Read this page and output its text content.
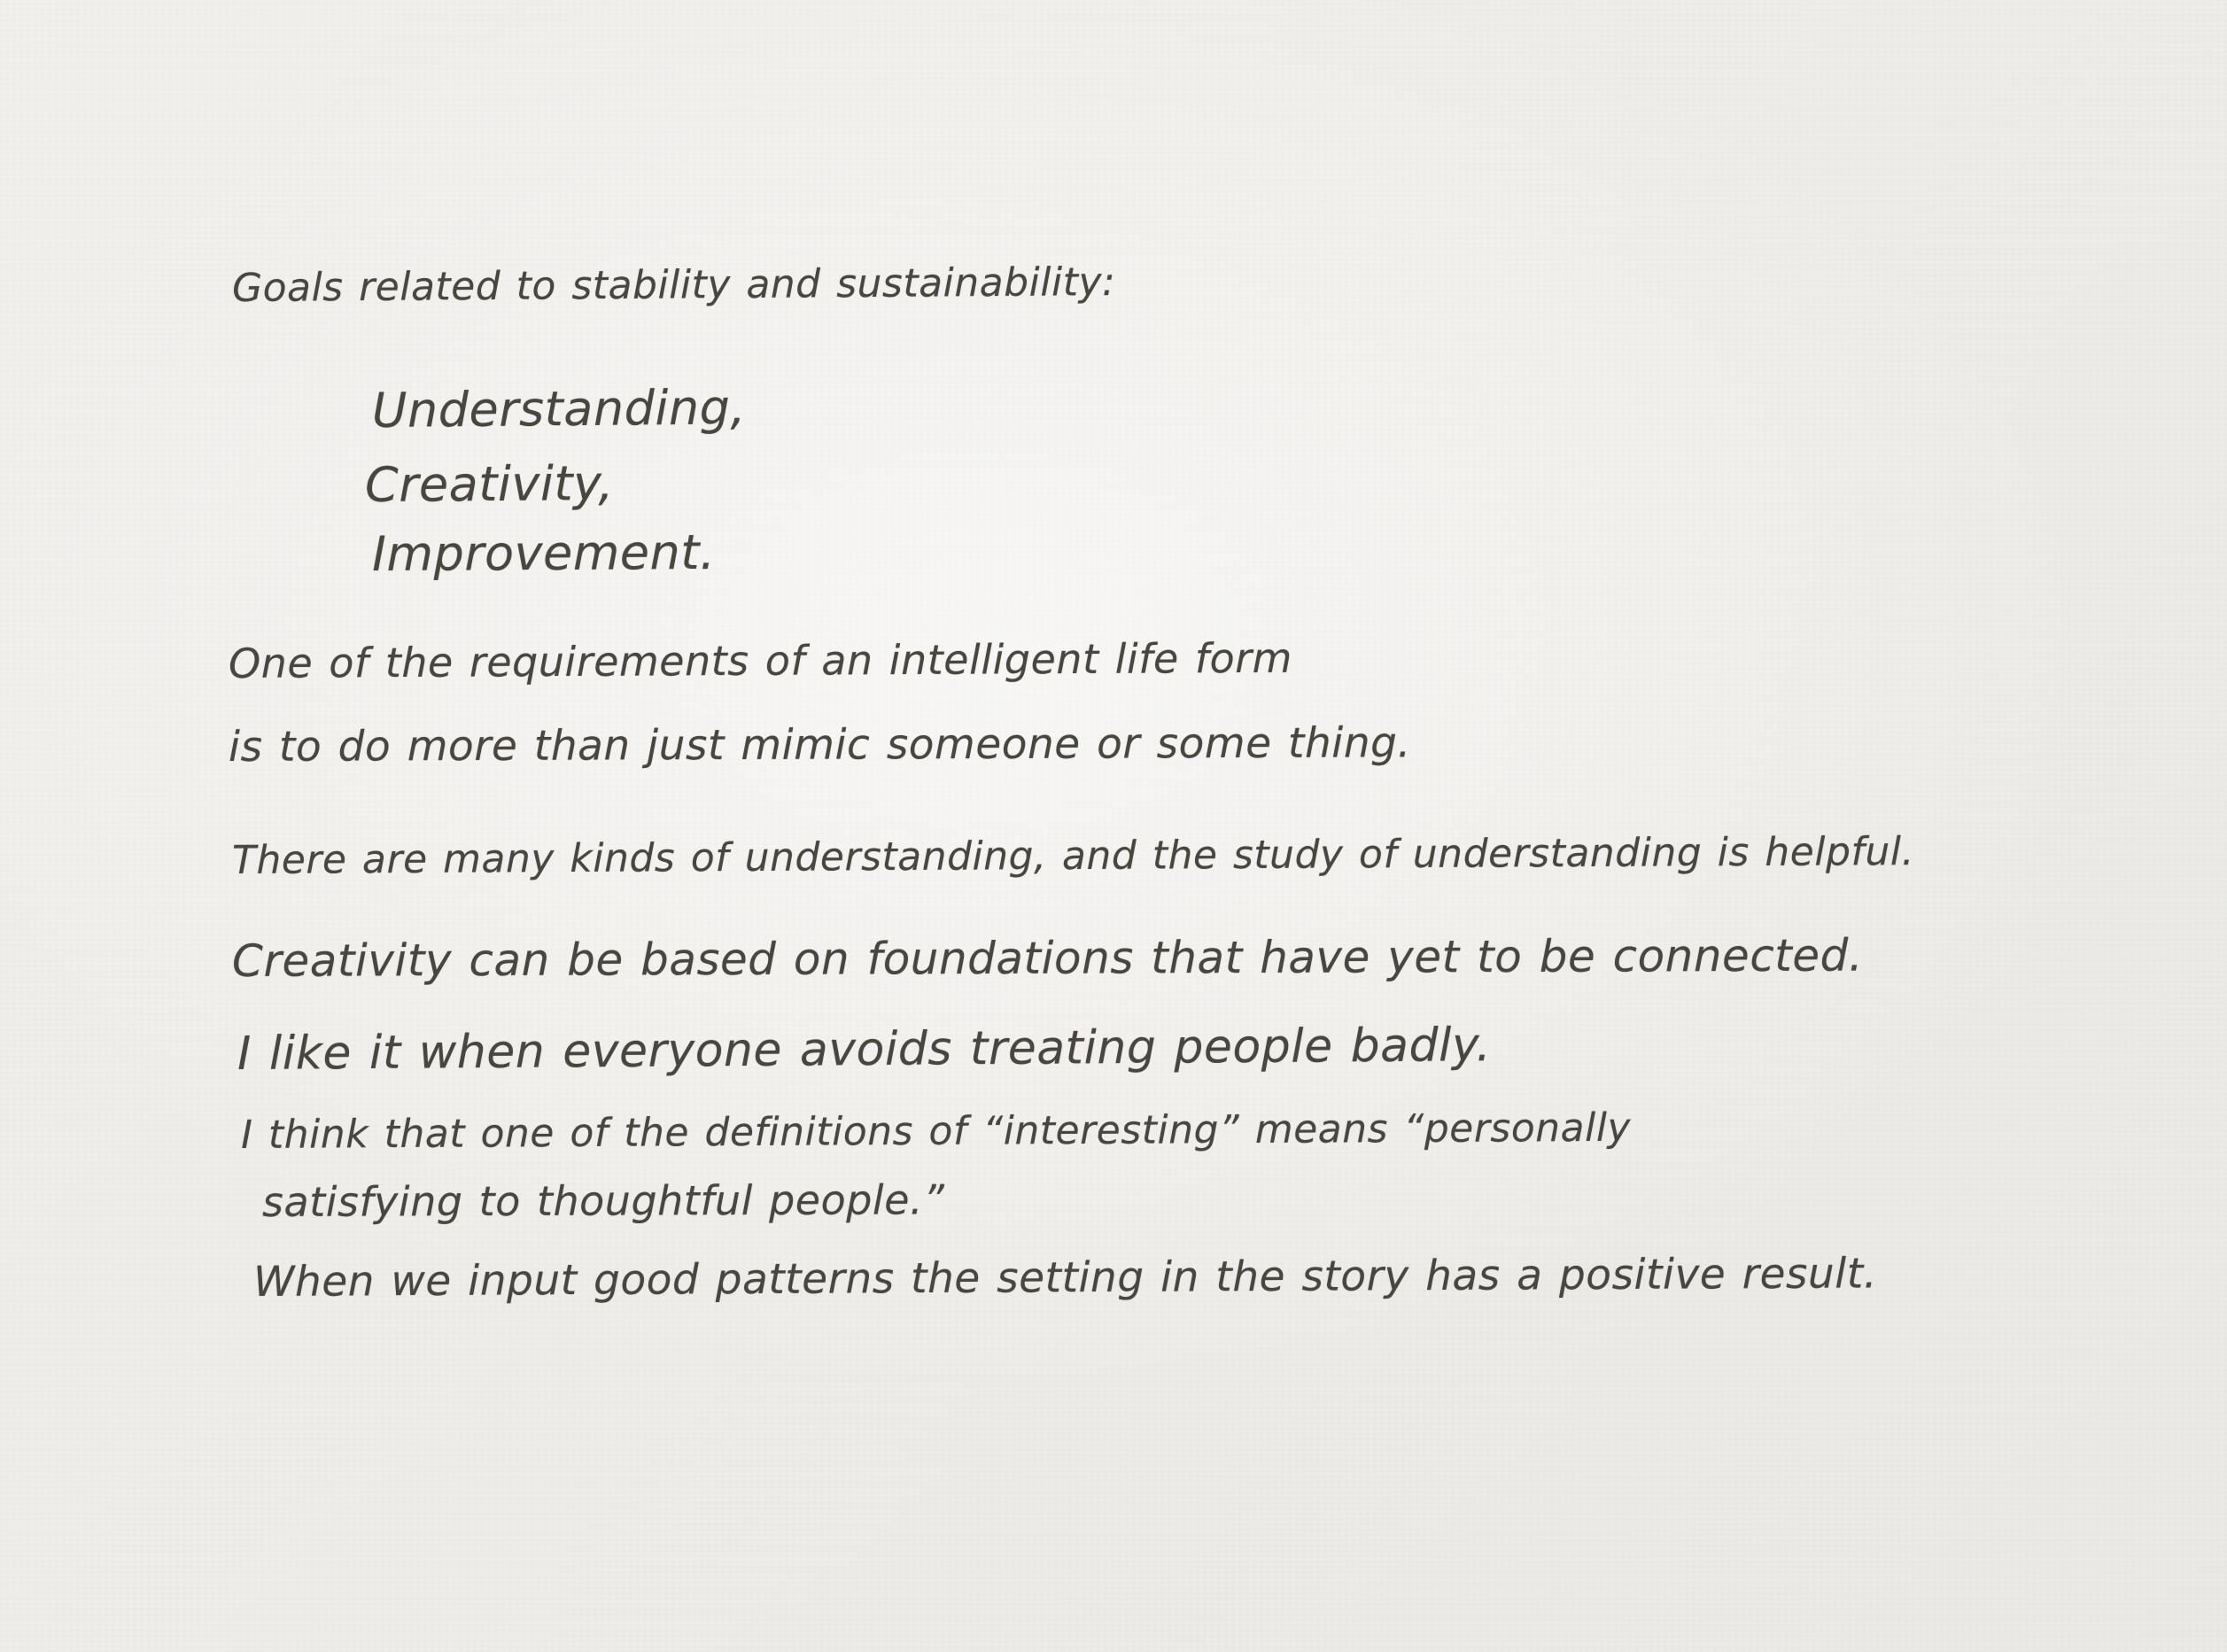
Goals related to stability and sustainability:
Understanding,
Creativity,
Improvement.
One of the requirements of an intelligent life form
is to do more than just mimic someone or some thing.
There are many kinds of understanding, and the study of understanding is helpful.
Creativity can be based on foundations that have yet to be connected.
I like it when everyone avoids treating people badly.
I think that one of the definitions of “interesting” means “personally
satisfying to thoughtful people.”
When we input good patterns the setting in the story has a positive result.
